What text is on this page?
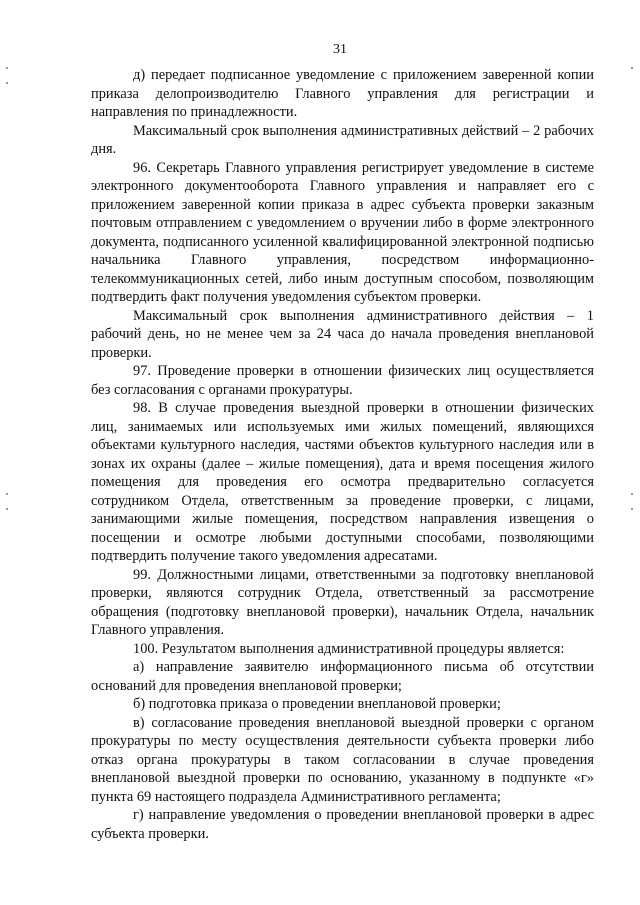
31

д) передает подписанное уведомление с приложением заверенной копии приказа делопроизводителю Главного управления для регистрации и направления по принадлежности.

Максимальный срок выполнения административных действий – 2 рабочих дня.

96. Секретарь Главного управления регистрирует уведомление в системе электронного документооборота Главного управления и направляет его с приложением заверенной копии приказа в адрес субъекта проверки заказным почтовым отправлением с уведомлением о вручении либо в форме электронного документа, подписанного усиленной квалифицированной электронной подписью начальника Главного управления, посредством информационно-телекоммуникационных сетей, либо иным доступным способом, позволяющим подтвердить факт получения уведомления субъектом проверки.

Максимальный срок выполнения административного действия – 1 рабочий день, но не менее чем за 24 часа до начала проведения внеплановой проверки.

97. Проведение проверки в отношении физических лиц осуществляется без согласования с органами прокуратуры.

98. В случае проведения выездной проверки в отношении физических лиц, занимаемых или используемых ими жилых помещений, являющихся объектами культурного наследия, частями объектов культурного наследия или в зонах их охраны (далее – жилые помещения), дата и время посещения жилого помещения для проведения его осмотра предварительно согласуется сотрудником Отдела, ответственным за проведение проверки, с лицами, занимающими жилые помещения, посредством направления извещения о посещении и осмотре любыми доступными способами, позволяющими подтвердить получение такого уведомления адресатами.

99. Должностными лицами, ответственными за подготовку внеплановой проверки, являются сотрудник Отдела, ответственный за рассмотрение обращения (подготовку внеплановой проверки), начальник Отдела, начальник Главного управления.

100. Результатом выполнения административной процедуры является:

а) направление заявителю информационного письма об отсутствии оснований для проведения внеплановой проверки;

б) подготовка приказа о проведении внеплановой проверки;

в) согласование проведения внеплановой выездной проверки с органом прокуратуры по месту осуществления деятельности субъекта проверки либо отказ органа прокуратуры в таком согласовании в случае проведения внеплановой выездной проверки по основанию, указанному в подпункте «г» пункта 69 настоящего подраздела Административного регламента;

г) направление уведомления о проведении внеплановой проверки в адрес субъекта проверки.
